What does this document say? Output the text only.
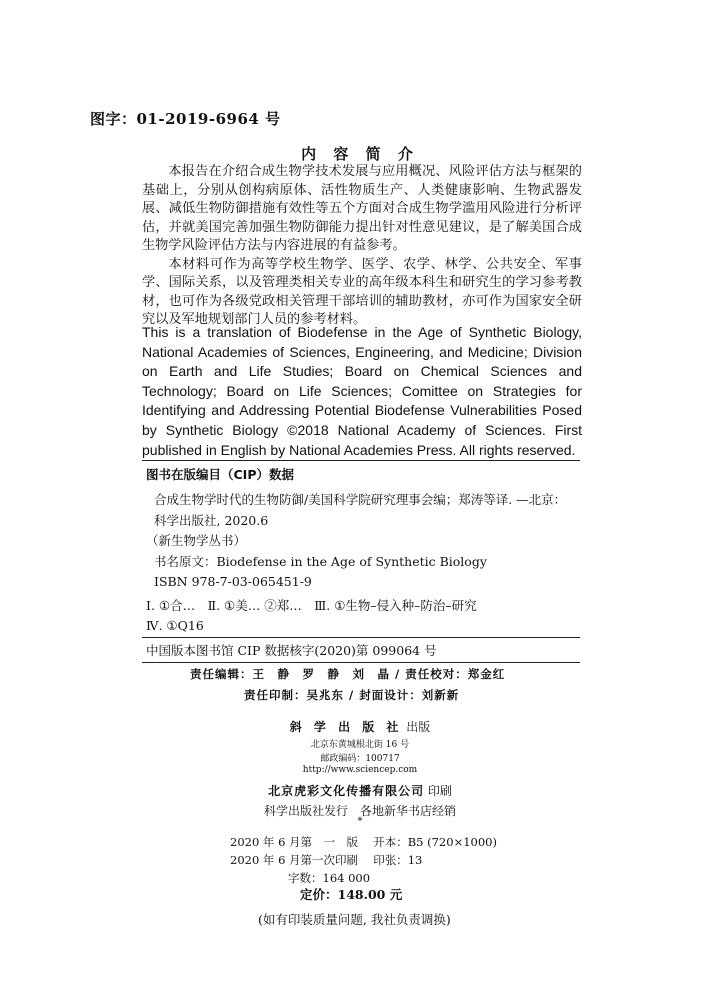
图字：01-2019-6964 号
内 容 简 介

本报告在介绍合成生物学技术发展与应用概况、风险评估方法与框架的基础上，分别从创构病原体、活性物质生产、人类健康影响、生物武器发展、减低生物防御措施有效性等五个方面对合成生物学滥用风险进行分析评估，并就美国完善加强生物防御能力提出针对性意见建议，是了解美国合成生物学风险评估方法与内容进展的有益参考。

本材料可作为高等学校生物学、医学、农学、林学、公共安全、军事学、国际关系，以及管理类相关专业的高年级本科生和研究生的学习参考教材，也可作为各级党政相关管理干部培训的辅助教材，亦可作为国家安全研究以及军地规划部门人员的参考材料。

This is a translation of Biodefense in the Age of Synthetic Biology, National Academies of Sciences, Engineering, and Medicine; Division on Earth and Life Studies; Board on Chemical Sciences and Technology; Board on Life Sciences; Comittee on Strategies for Identifying and Addressing Potential Biodefense Vulnerabilities Posed by Synthetic Biology ©2018 National Academy of Sciences. First published in English by National Academies Press. All rights reserved.
图书在版编目（CIP）数据
合成生物学时代的生物防御/美国科学院研究理事会编；郑涛等译. —北京：科学出版社, 2020.6
（新生物学丛书）
书名原文：Biodefense in the Age of Synthetic Biology
ISBN 978-7-03-065451-9
Ⅰ. ①合…　Ⅱ. ①美… ②郑…　Ⅲ. ①生物–侵入种–防治–研究
Ⅳ. ①Q16
中国版本图书馆 CIP 数据核字(2020)第 099064 号
责任编辑：王　静　罗　静　刘　晶 / 责任校对：郑金红
责任印制：吴兆东 / 封面设计：刘新新
斜 学 出 版 社 出版
北京东黄城根北街 16 号
邮政编码：100717
http://www.sciencep.com
北京虎彩文化传播有限公司 印刷
科学出版社发行　各地新华书店经销
*
2020 年 6 月第　一　版　 开本：B5 (720×1000)
2020 年 6 月第一次印刷　 印张：13
字数：164 000
定价：148.00 元
(如有印装质量问题, 我社负责调换)
